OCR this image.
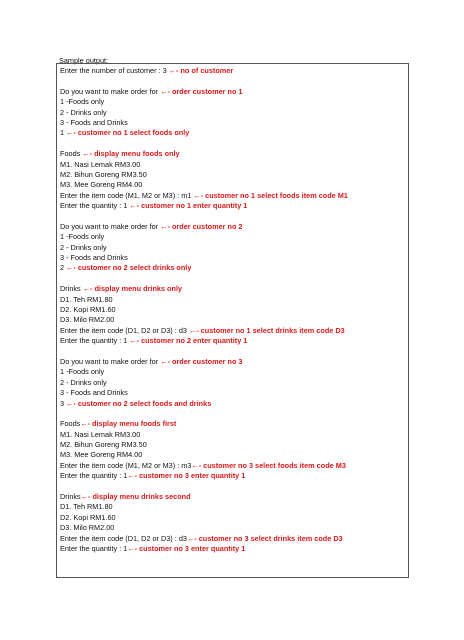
Sample output:
Enter the number of customer : 3 ←- no of customer
Do you want to make order for ←- order customer no 1
1 -Foods only
2 - Drinks only
3 - Foods and Drinks
1 ←- customer no 1 select foods only
Foods ←- display menu foods only
M1. Nasi Lemak RM3.00
M2. Bihun Goreng RM3.50
M3. Mee Goreng RM4.00
Enter the item code (M1, M2 or M3) : m1 ←- customer no 1 select foods item code M1
Enter the quantity : 1 ←- customer no 1 enter quantity 1
Do you want to make order for ←- order customer no 2
1 -Foods only
2 - Drinks only
3 - Foods and Drinks
2 ←- customer no 2 select drinks only
Drinks ←- display menu drinks only
D1. Teh RM1.80
D2. Kopi RM1.60
D3. Milo RM2.00
Enter the item code (D1, D2 or D3) : d3 ←- customer no 1 select drinks item code D3
Enter the quantity : 1 ←- customer no 2 enter quantity 1
Do you want to make order for ←- order customer no 3
1 -Foods only
2 - Drinks only
3 - Foods and Drinks
3 ←- customer no 2 select foods and drinks
Foods←- display menu foods first
M1. Nasi Lemak RM3.00
M2. Bihun Goreng RM3.50
M3. Mee Goreng RM4.00
Enter the item code (M1, M2 or M3) : m3←- customer no 3 select foods item code M3
Enter the quantity : 1←- customer no 3 enter quantity 1
Drinks←- display menu drinks second
D1. Teh RM1.80
D2. Kopi RM1.60
D3. Milo RM2.00
Enter the item code (D1, D2 or D3) : d3←- customer no 3 select drinks item code D3
Enter the quantity : 1←- customer no 3 enter quantity 1
